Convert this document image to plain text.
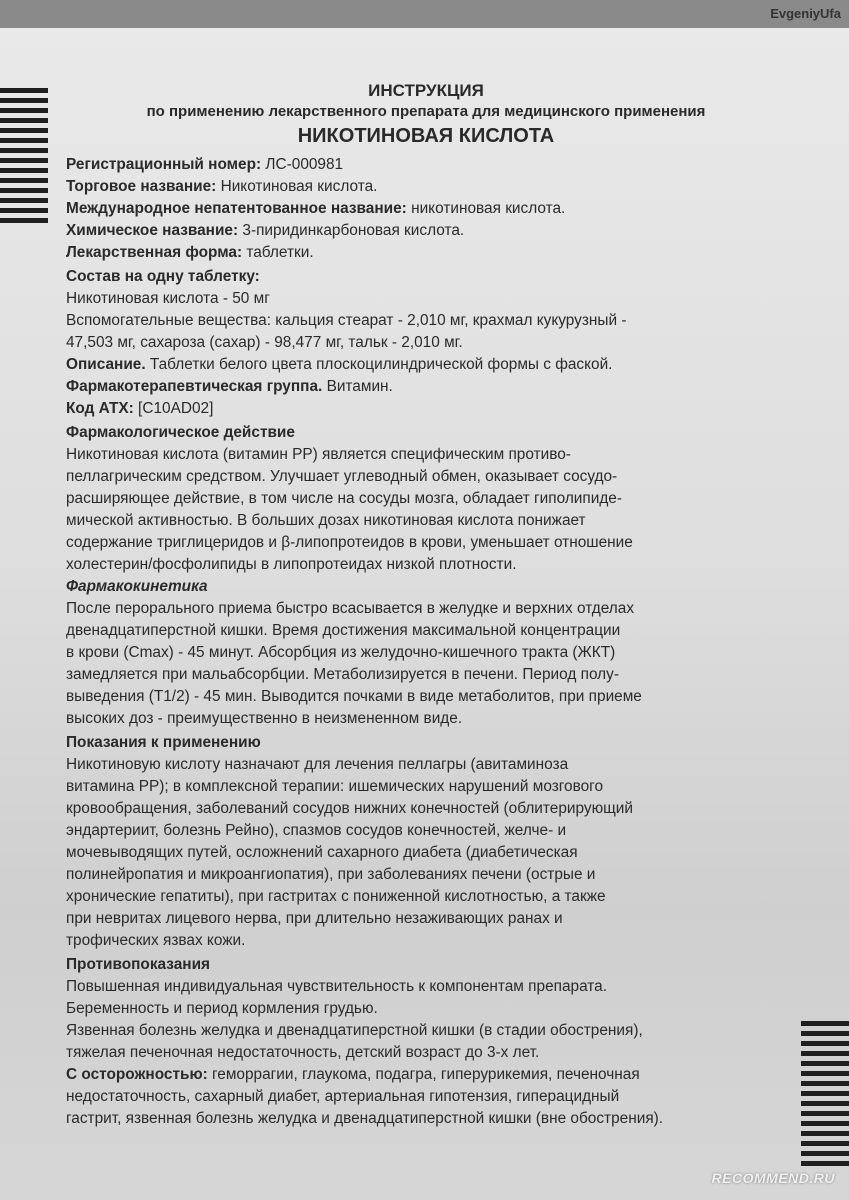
EvgeniyUfa
ИНСТРУКЦИЯ
по применению лекарственного препарата для медицинского применения
НИКОТИНОВАЯ КИСЛОТА
Регистрационный номер: ЛС-000981
Торговое название: Никотиновая кислота.
Международное непатентованное название: никотиновая кислота.
Химическое название: 3-пиридинкарбоновая кислота.
Лекарственная форма: таблетки.
Состав на одну таблетку:
Никотиновая кислота - 50 мг
Вспомогательные вещества: кальция стеарат - 2,010 мг, крахмал кукурузный -
47,503 мг, сахароза (сахар) - 98,477 мг, тальк - 2,010 мг.
Описание. Таблетки белого цвета плоскоцилиндрической формы с фаской.
Фармакотерапевтическая группа. Витамин.
Код АТХ: [C10AD02]
Фармакологическое действие
Никотиновая кислота (витамин РР) является специфическим противо-
пеллагрическим средством. Улучшает углеводный обмен, оказывает сосудо-
расширяющее действие, в том числе на сосуды мозга, обладает гиполипиде-
мической активностью. В больших дозах никотиновая кислота понижает
содержание триглицеридов и β-липопротеидов в крови, уменьшает отношение
холестерин/фосфолипиды в липопротеидах низкой плотности.
Фармакокинетика
После перорального приема быстро всасывается в желудке и верхних отделах
двенадцатиперстной кишки. Время достижения максимальной концентрации
в крови (Cmax) - 45 минут. Абсорбция из желудочно-кишечного тракта (ЖКТ)
замедляется при мальабсорбции. Метаболизируется в печени. Период полу-
выведения (T1/2) - 45 мин. Выводится почками в виде метаболитов, при приеме
высоких доз - преимущественно в неизмененном виде.
Показания к применению
Никотиновую кислоту назначают для лечения пеллагры (авитаминоза
витамина РР); в комплексной терапии: ишемических нарушений мозгового
кровообращения, заболеваний сосудов нижних конечностей (облитерирующий
эндартериит, болезнь Рейно), спазмов сосудов конечностей, желче- и
мочевыводящих путей, осложнений сахарного диабета (диабетическая
полинейропатия и микроангиопатия), при заболеваниях печени (острые и
хронические гепатиты), при гастритах с пониженной кислотностью, а также
при невритах лицевого нерва, при длительно незаживающих ранах и
трофических язвах кожи.
Противопоказания
Повышенная индивидуальная чувствительность к компонентам препарата.
Беременность и период кормления грудью.
Язвенная болезнь желудка и двенадцатиперстной кишки (в стадии обострения),
тяжелая печеночная недостаточность, детский возраст до 3-х лет.
С осторожностью: геморрагии, глаукома, подагра, гиперурикемия, печеночная
недостаточность, сахарный диабет, артериальная гипотензия, гиперацидный
гастрит, язвенная болезнь желудка и двенадцатиперстной кишки (вне обострения).
RECOMMEND.RU
